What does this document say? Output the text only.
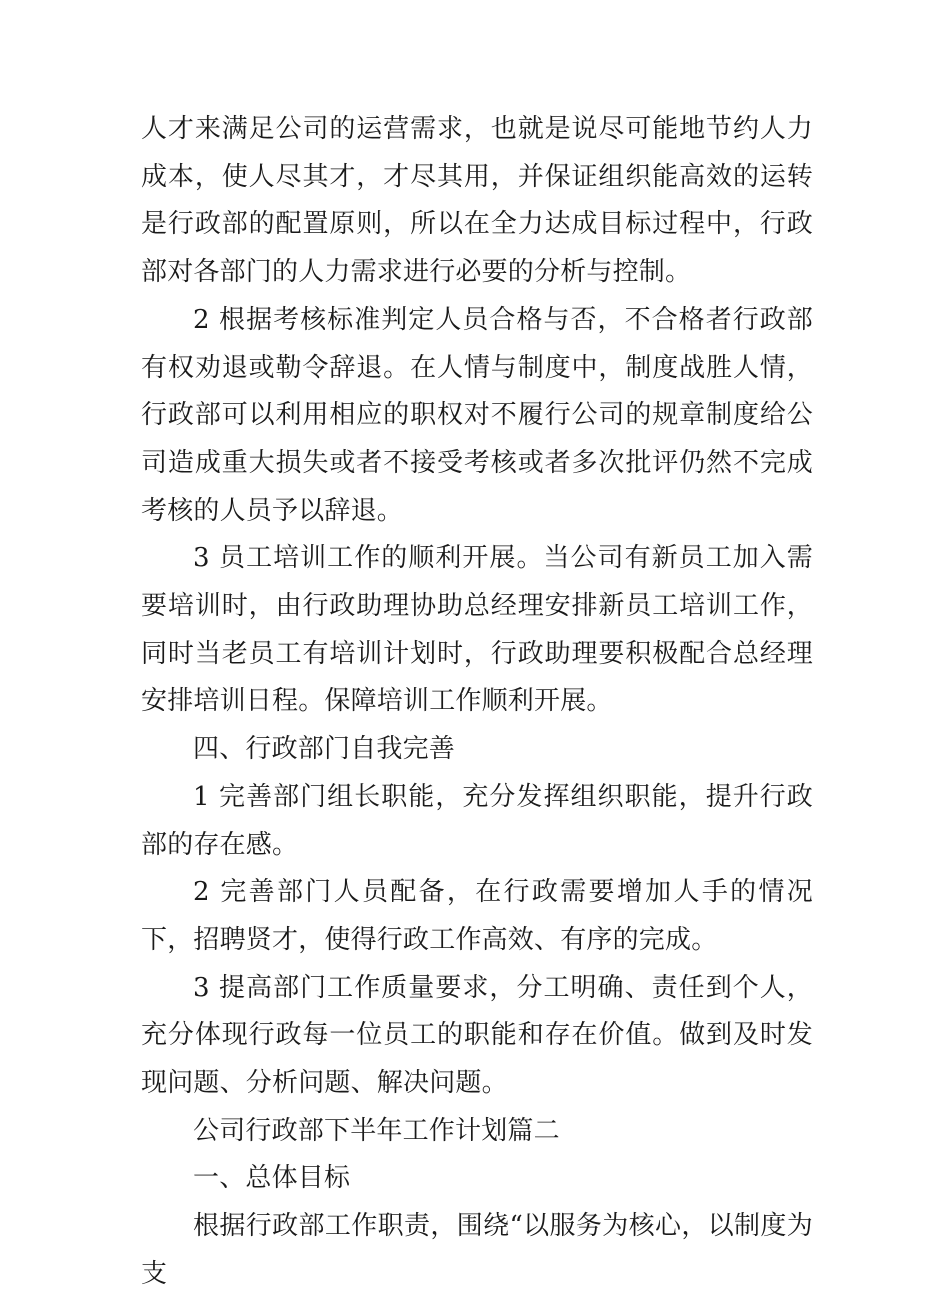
人才来满足公司的运营需求，也就是说尽可能地节约人力成本，使人尽其才，才尽其用，并保证组织能高效的运转是行政部的配置原则，所以在全力达成目标过程中，行政部对各部门的人力需求进行必要的分析与控制。

2 根据考核标准判定人员合格与否，不合格者行政部有权劝退或勒令辞退。在人情与制度中，制度战胜人情，行政部可以利用相应的职权对不履行公司的规章制度给公司造成重大损失或者不接受考核或者多次批评仍然不完成考核的人员予以辞退。

3 员工培训工作的顺利开展。当公司有新员工加入需要培训时，由行政助理协助总经理安排新员工培训工作，同时当老员工有培训计划时，行政助理要积极配合总经理安排培训日程。保障培训工作顺利开展。

四、行政部门自我完善

1 完善部门组长职能，充分发挥组织职能，提升行政部的存在感。

2 完善部门人员配备，在行政需要增加人手的情况下，招聘贤才，使得行政工作高效、有序的完成。

3 提高部门工作质量要求，分工明确、责任到个人，充分体现行政每一位员工的职能和存在价值。做到及时发现问题、分析问题、解决问题。

公司行政部下半年工作计划篇二

一、总体目标

根据行政部工作职责，围绕“以服务为核心，以制度为支
